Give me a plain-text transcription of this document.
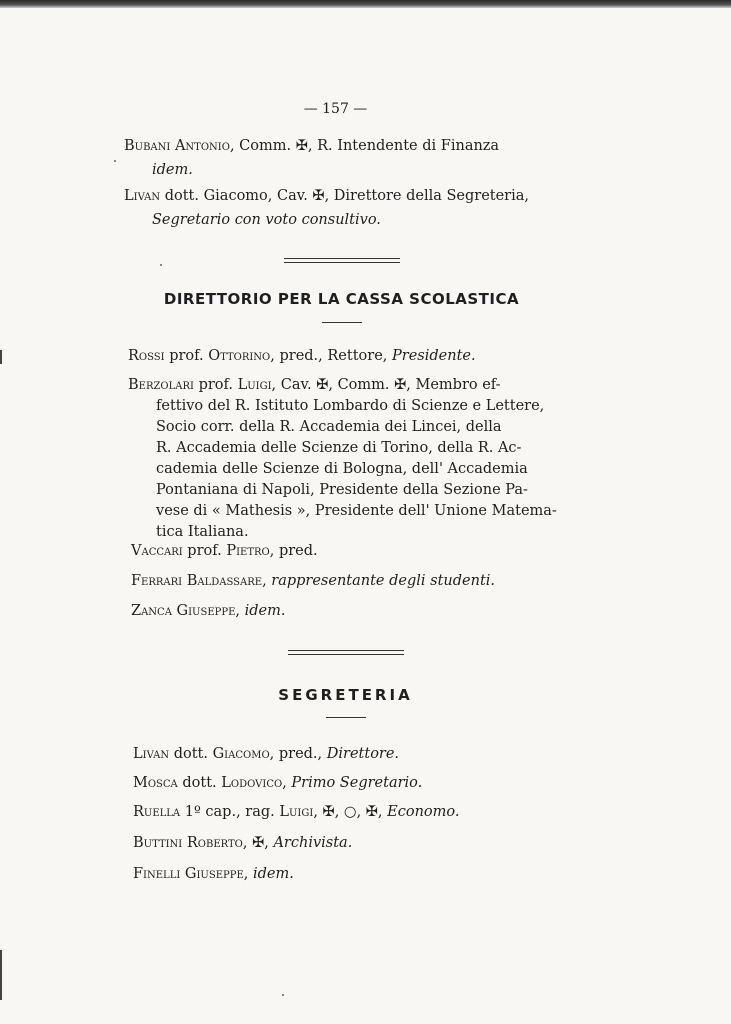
— 157 —
Bubani Antonio, Comm. ✠, R. Intendente di Finanza
idem.
Livan dott. Giacomo, Cav. ✠, Direttore della Segreteria,
Segretario con voto consultivo.
DIRETTORIO PER LA CASSA SCOLASTICA
Rossi prof. Ottorino, pred., Rettore, Presidente.
Berzolari prof. Luigi, Cav. ✠, Comm. ✠, Membro ef-
fettivo del R. Istituto Lombardo di Scienze e Lettere,
Socio corr. della R. Accademia dei Lincei, della
R. Accademia delle Scienze di Torino, della R. Ac-
cademia delle Scienze di Bologna, dell' Accademia
Pontaniana di Napoli, Presidente della Sezione Pa-
vese di « Mathesis », Presidente dell' Unione Matema-
tica Italiana.
Vaccari prof. Pietro, pred.
Ferrari Baldassare, rappresentante degli studenti.
Zanca Giuseppe, idem.
SEGRETERIA
Livan dott. Giacomo, pred., Direttore.
Mosca dott. Lodovico, Primo Segretario.
Ruella 1º cap., rag. Luigi, ✠, ○, ✠, Economo.
Buttini Roberto, ✠, Archivista.
Finelli Giuseppe, idem.
